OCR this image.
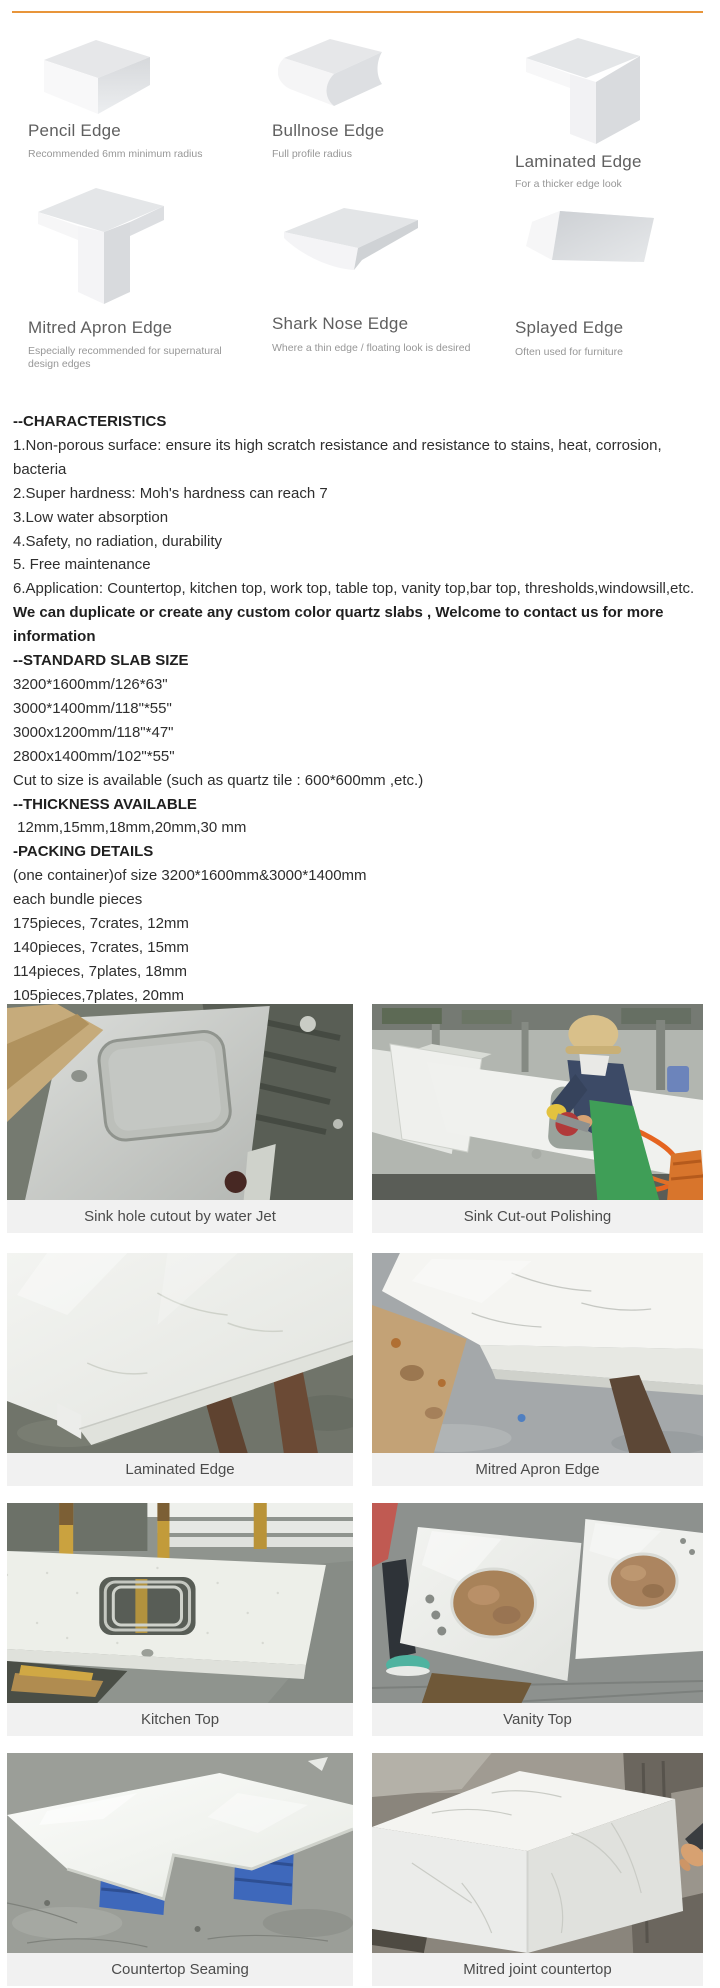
Pencil Edge
Recommended 6mm minimum radius
Bullnose Edge
Full profile radius	Laminated Edge
For a thicker edge look
Mitred Apron Edge
Especially recommended for supernatural design edges
Shark Nose Edge
Where a thin edge / floating look is desired
Splayed Edge
Often used for furniture

--CHARACTERISTICS

1.Non-porous surface: ensure its high scratch resistance and resistance to stains, heat, corrosion, bacteria

2.Super hardness: Moh's hardness can reach 7

3.Low water absorption

4.Safety, no radiation, durability

5. Free maintenance

6.Application: Countertop, kitchen top, work top, table top, vanity top,bar top, thresholds,windowsill,etc.

We can duplicate or create any custom color quartz slabs , Welcome to contact us for more information

--STANDARD SLAB SIZE

3200*1600mm/126*63"

3000*1400mm/118"*55"

3000x1200mm/118"*47"

2800x1400mm/102"*55"

Cut to size is available (such as quartz tile : 600*600mm ,etc.)

--THICKNESS AVAILABLE

12mm,15mm,18mm,20mm,30 mm

-PACKING DETAILS

(one container)of size 3200*1600mm&3000*1400mm

each bundle pieces

175pieces, 7crates, 12mm

140pieces, 7crates, 15mm

114pieces, 7plates, 18mm

105pieces,7plates, 20mm

Sink hole cutout by water Jet	Sink Cut-out Polishing
Laminated Edge	Mitred Apron Edge
Kitchen Top	Vanity Top
Countertop Seaming	Mitred joint countertop
